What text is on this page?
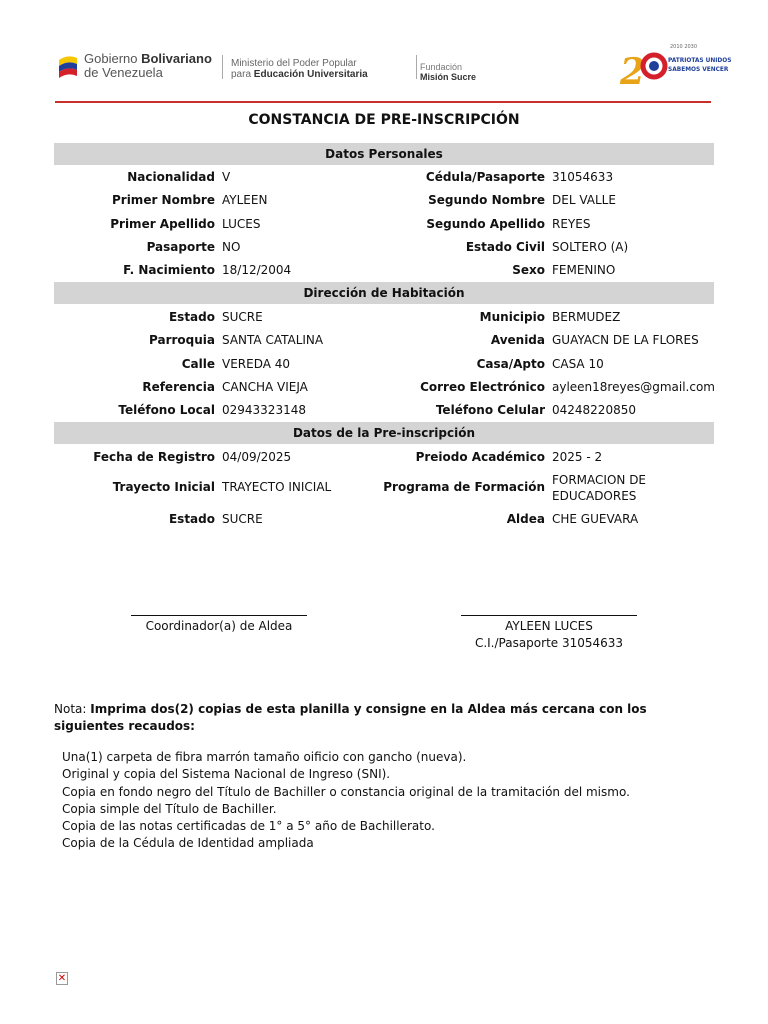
Gobierno Bolivariano
de Venezuela
Ministerio del Poder Popular
para Educación Universitaria
Fundación
Misión Sucre	2
2010 2030
PATRIOTAS UNIDOS
SABEMOS VENCER
CONSTANCIA DE PRE-INSCRIPCIÓN
Datos Personales
Nacionalidad V	Cédula/Pasaporte 31054633
Primer Nombre AYLEEN	Segundo Nombre DEL VALLE
Primer Apellido LUCES	Segundo Apellido REYES
Pasaporte NO	Estado Civil SOLTERO (A)
F. Nacimiento 18/12/2004	Sexo FEMENINO
Dirección de Habitación
Estado SUCRE	Municipio BERMUDEZ
Parroquia SANTA CATALINA	Avenida GUAYACN DE LA FLORES
Calle VEREDA 40	Casa/Apto CASA 10
Referencia CANCHA VIEJA	Correo Electrónico ayleen18reyes@gmail.com
Teléfono Local 02943323148	Teléfono Celular 04248220850
Datos de la Pre-inscripción
Fecha de Registro 04/09/2025	Preiodo Académico 2025 - 2
Trayecto Inicial TRAYECTO INICIAL	Programa de Formación FORMACION DE
EDUCADORES
Estado SUCRE	Aldea CHE GUEVARA
Coordinador(a) de Aldea	AYLEEN LUCES
C.I./Pasaporte 31054633
Nota: Imprima dos(2) copias de esta planilla y consigne en la Aldea más cercana con los siguientes recaudos:
Una(1) carpeta de fibra marrón tamaño oificio con gancho (nueva).
Original y copia del Sistema Nacional de Ingreso (SNI).
Copia en fondo negro del Título de Bachiller o constancia original de la tramitación del mismo.
Copia simple del Título de Bachiller.
Copia de las notas certificadas de 1° a 5° año de Bachillerato.
Copia de la Cédula de Identidad ampliada
✕
